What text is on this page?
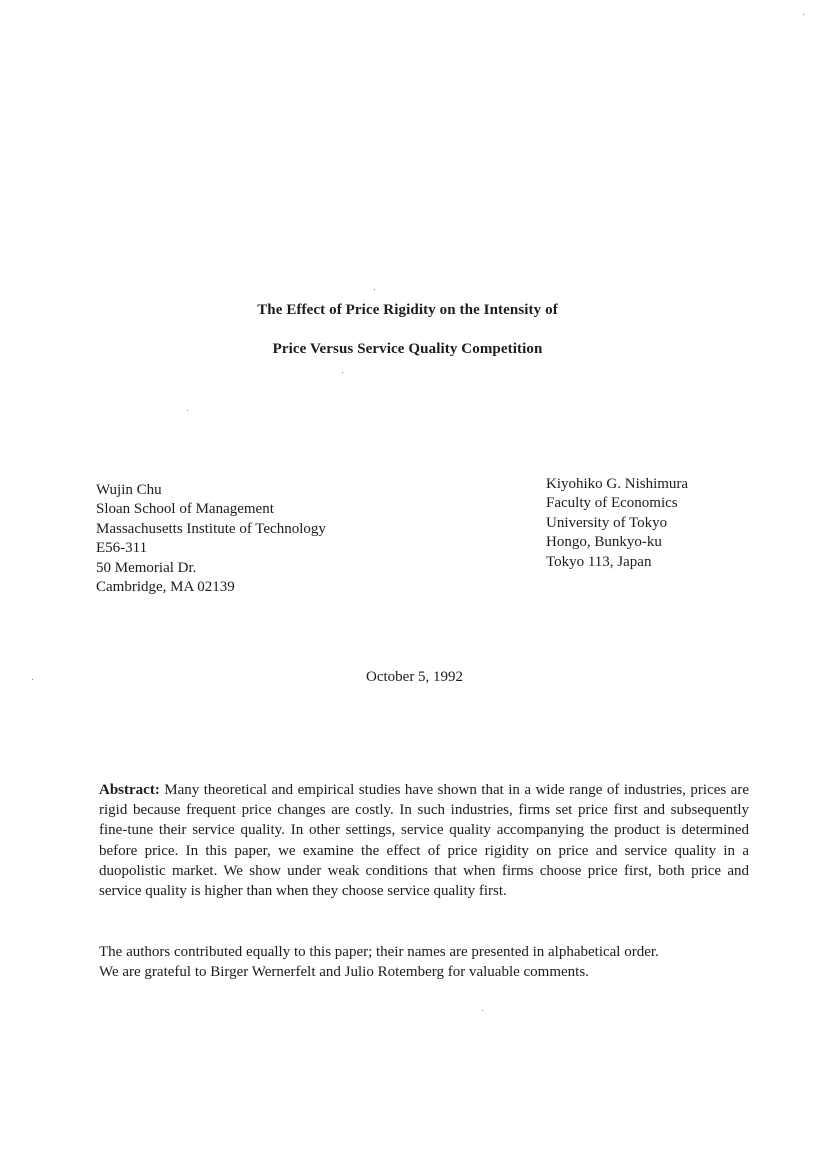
The Effect of Price Rigidity on the Intensity of
Price Versus Service Quality Competition
Wujin Chu
Sloan School of Management
Massachusetts Institute of Technology
E56-311
50 Memorial Dr.
Cambridge, MA 02139
Kiyohiko G. Nishimura
Faculty of Economics
University of Tokyo
Hongo, Bunkyo-ku
Tokyo 113, Japan
October 5, 1992

Abstract: Many theoretical and empirical studies have shown that in a wide range of industries, prices are rigid because frequent price changes are costly. In such industries, firms set price first and subsequently fine-tune their service quality. In other settings, service quality accompanying the product is determined before price. In this paper, we examine the effect of price rigidity on price and service quality in a duopolistic market. We show under weak conditions that when firms choose price first, both price and service quality is higher than when they choose service quality first.

The authors contributed equally to this paper; their names are presented in alphabetical order.
We are grateful to Birger Wernerfelt and Julio Rotemberg for valuable comments.
